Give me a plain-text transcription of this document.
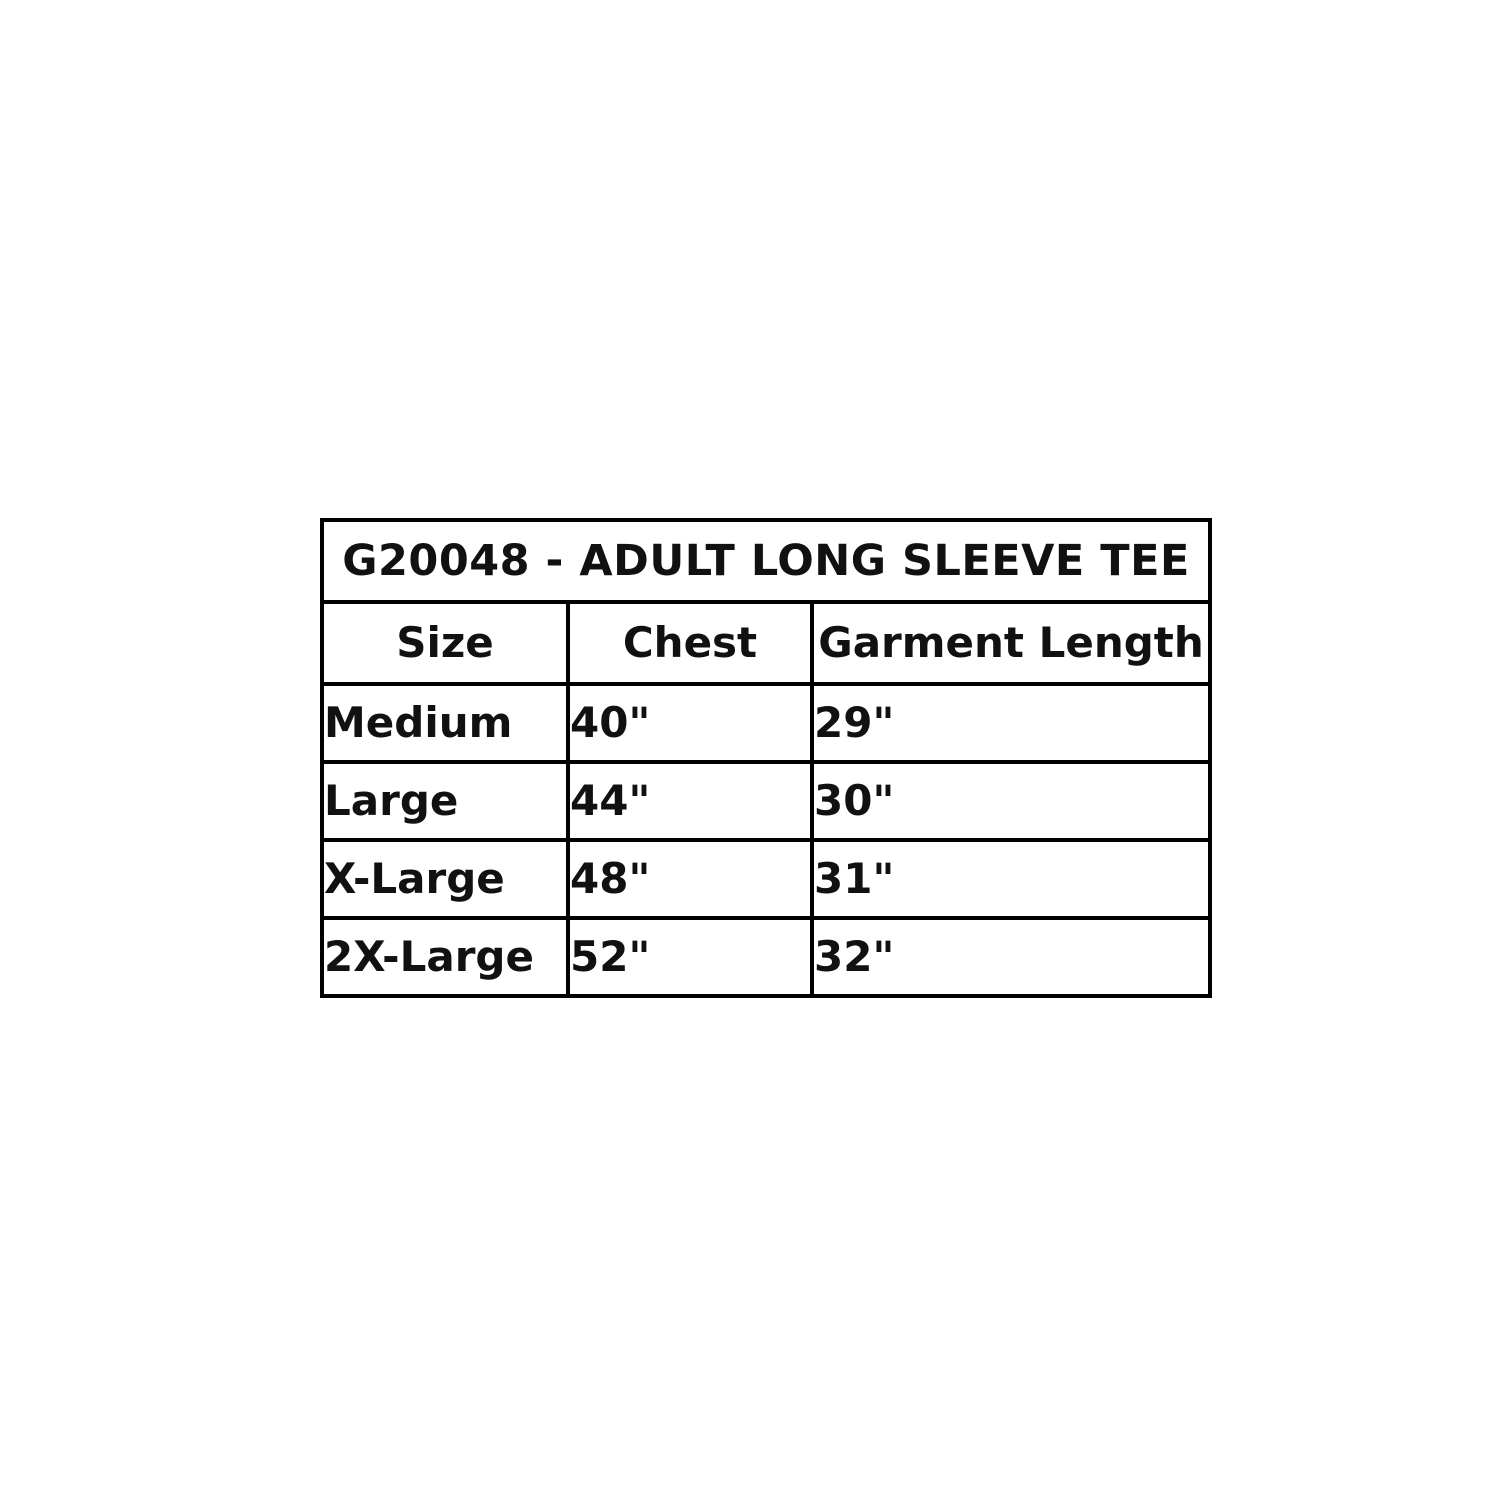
G20048 - ADULT LONG SLEEVE TEE		
Size	Chest	Garment Length
Medium	40"	29"
Large	44"	30"
X-Large	48"	31"
2X-Large	52"	32"
